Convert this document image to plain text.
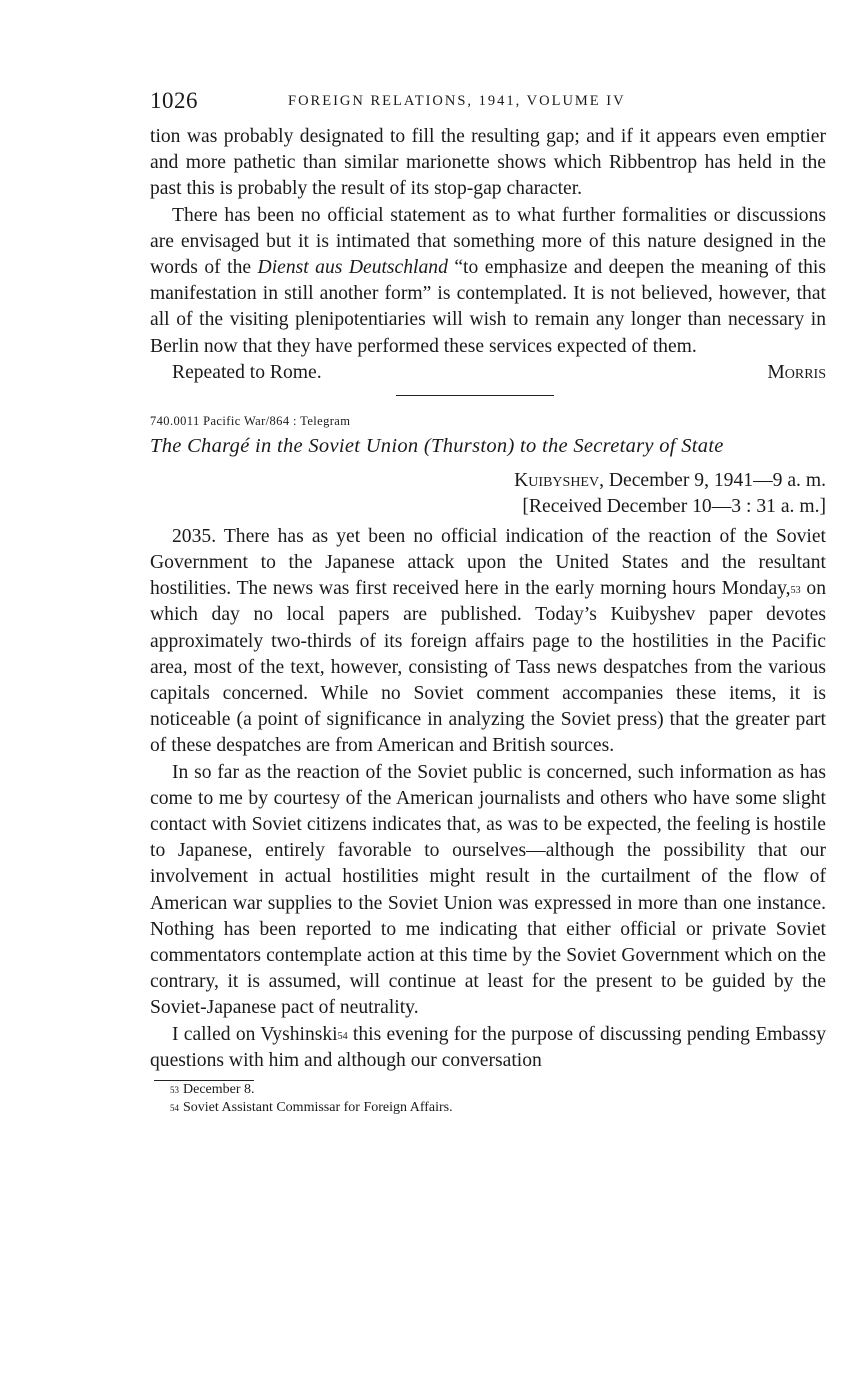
1026	FOREIGN RELATIONS, 1941, VOLUME IV

tion was probably designated to fill the resulting gap; and if it appears even emptier and more pathetic than similar marionette shows which Ribbentrop has held in the past this is probably the result of its stop-gap character.

There has been no official statement as to what further formalities or discussions are envisaged but it is intimated that something more of this nature designed in the words of the Dienst aus Deutschland “to emphasize and deepen the meaning of this manifestation in still another form” is contemplated. It is not believed, however, that all of the visiting plenipotentiaries will wish to remain any longer than necessary in Berlin now that they have performed these services expected of them.

Repeated to Rome.	Morris
740.0011 Pacific War/864 : Telegram
The Chargé in the Soviet Union (Thurston) to the Secretary of State
Kuibyshev, December 9, 1941—9 a. m.
[Received December 10—3 : 31 a. m.]

2035. There has as yet been no official indication of the reaction of the Soviet Government to the Japanese attack upon the United States and the resultant hostilities. The news was first received here in the early morning hours Monday,$^{53}$ on which day no local papers are published. Today’s Kuibyshev paper devotes approximately two-thirds of its foreign affairs page to the hostilities in the Pacific area, most of the text, however, consisting of Tass news despatches from the various capitals concerned. While no Soviet comment accompanies these items, it is noticeable (a point of significance in analyzing the Soviet press) that the greater part of these despatches are from American and British sources.

In so far as the reaction of the Soviet public is concerned, such information as has come to me by courtesy of the American journalists and others who have some slight contact with Soviet citizens indicates that, as was to be expected, the feeling is hostile to Japanese, entirely favorable to ourselves—although the possibility that our involvement in actual hostilities might result in the curtailment of the flow of American war supplies to the Soviet Union was expressed in more than one instance. Nothing has been reported to me indicating that either official or private Soviet commentators contemplate action at this time by the Soviet Government which on the contrary, it is assumed, will continue at least for the present to be guided by the Soviet-Japanese pact of neutrality.

I called on Vyshinski$^{54}$ this evening for the purpose of discussing pending Embassy questions with him and although our conversation

$^{53}$ December 8.
$^{54}$ Soviet Assistant Commissar for Foreign Affairs.
